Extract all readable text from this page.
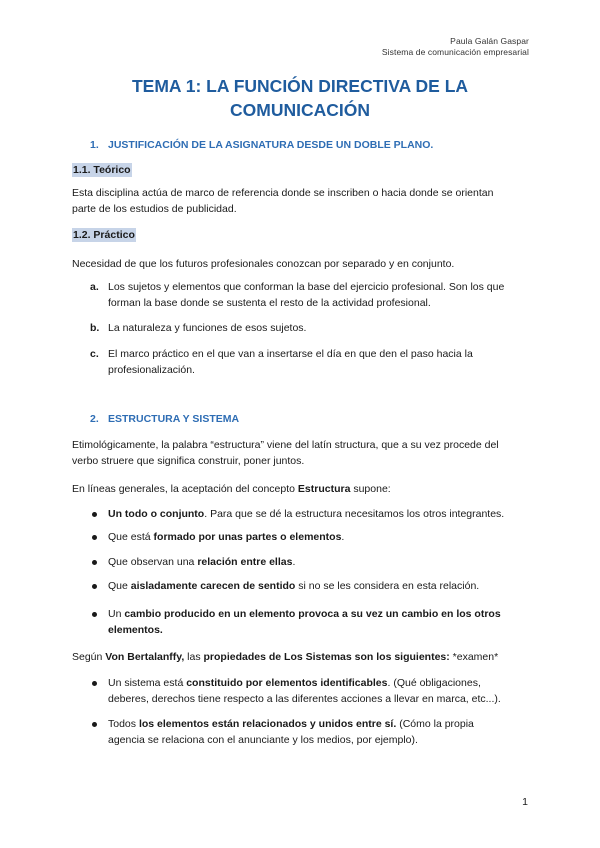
Paula Galán Gaspar
Sistema de comunicación empresarial
TEMA 1: LA FUNCIÓN DIRECTIVA DE LA
COMUNICACIÓN
1. JUSTIFICACIÓN DE LA ASIGNATURA DESDE UN DOBLE PLANO.
1.1. Teórico
Esta disciplina actúa de marco de referencia donde se inscriben o hacia donde se orientan
parte de los estudios de publicidad.
1.2. Práctico
Necesidad de que los futuros profesionales conozcan por separado y en conjunto.
a. Los sujetos y elementos que conforman la base del ejercicio profesional. Son los que
forman la base donde se sustenta el resto de la actividad profesional.
b. La naturaleza y funciones de esos sujetos.
c. El marco práctico en el que van a insertarse el día en que den el paso hacia la
profesionalización.
2. ESTRUCTURA Y SISTEMA
Etimológicamente, la palabra “estructura” viene del latín structura, que a su vez procede del
verbo struere que significa construir, poner juntos.
En líneas generales, la aceptación del concepto Estructura supone:
Un todo o conjunto. Para que se dé la estructura necesitamos los otros integrantes.
Que está formado por unas partes o elementos.
Que observan una relación entre ellas.
Que aisladamente carecen de sentido si no se les considera en esta relación.
Un cambio producido en un elemento provoca a su vez un cambio en los otros
elementos.
Según Von Bertalanffy, las propiedades de Los Sistemas son los siguientes: *examen*
Un sistema está constituido por elementos identificables. (Qué obligaciones,
deberes, derechos tiene respecto a las diferentes acciones a llevar en marca, etc...).
Todos los elementos están relacionados y unidos entre sí. (Cómo la propia
agencia se relaciona con el anunciante y los medios, por ejemplo).
1
